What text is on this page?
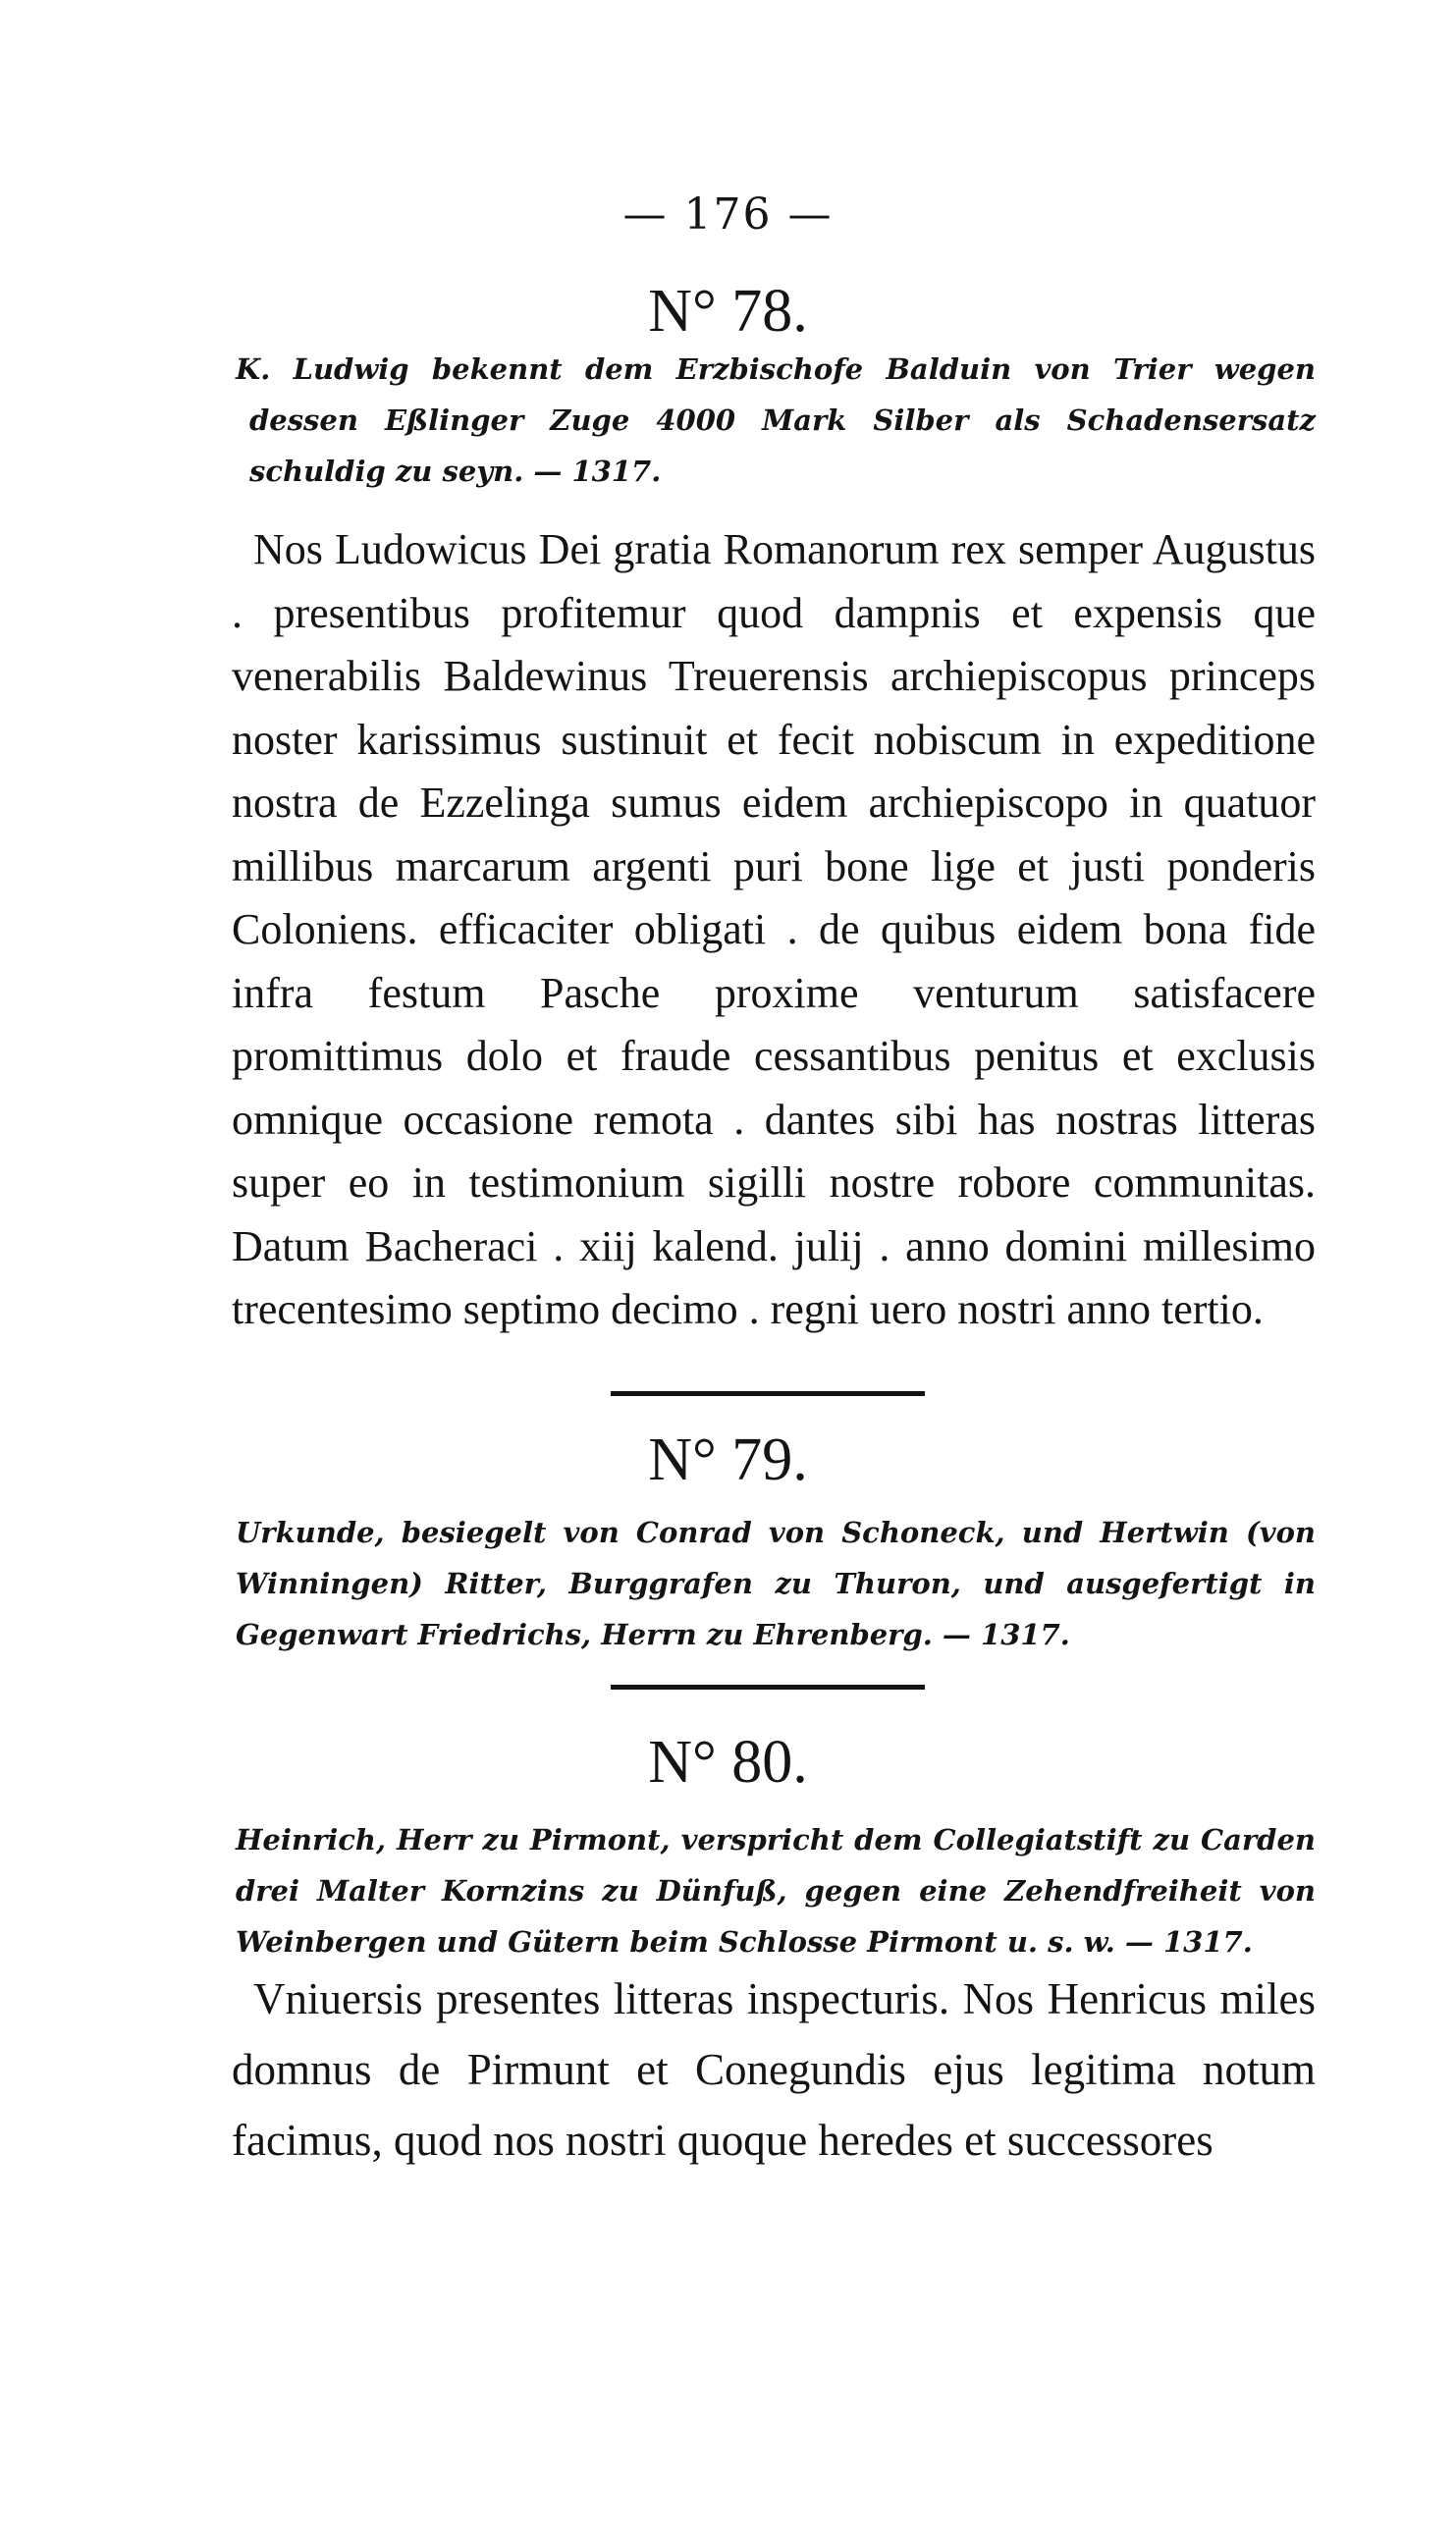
— 176 —
N° 78.
K. Ludwig bekennt dem Erzbischofe Balduin von Trier wegen dessen Eßlinger Zuge 4000 Mark Silber als Schadensersatz schuldig zu seyn. — 1317.
Nos Ludowicus Dei gratia Romanorum rex semper Augustus . presentibus profitemur quod dampnis et expensis que venerabilis Baldewinus Treuerensis archiepiscopus princeps noster karissimus sustinuit et fecit nobiscum in expeditione nostra de Ezzelinga sumus eidem archiepiscopo in quatuor millibus marcarum argenti puri bone lige et justi ponderis Coloniens. efficaciter obligati . de quibus eidem bona fide infra festum Pasche proxime venturum satisfacere promittimus dolo et fraude cessantibus penitus et exclusis omnique occasione remota . dantes sibi has nostras litteras super eo in testimonium sigilli nostre robore communitas. Datum Bacheraci . xiij kalend. julij . anno domini millesimo trecentesimo septimo decimo . regni uero nostri anno tertio.
N° 79.
Urkunde, besiegelt von Conrad von Schoneck, und Hertwin (von Winningen) Ritter, Burggrafen zu Thuron, und ausgefertigt in Gegenwart Friedrichs, Herrn zu Ehrenberg. — 1317.
N° 80.
Heinrich, Herr zu Pirmont, verspricht dem Collegiatstift zu Carden drei Malter Kornzins zu Dünfuß, gegen eine Zehendfreiheit von Weinbergen und Gütern beim Schlosse Pirmont u. s. w. — 1317.
Vniuersis presentes litteras inspecturis. Nos Henricus miles domnus de Pirmunt et Conegundis ejus legitima notum facimus, quod nos nostri quoque heredes et successores
